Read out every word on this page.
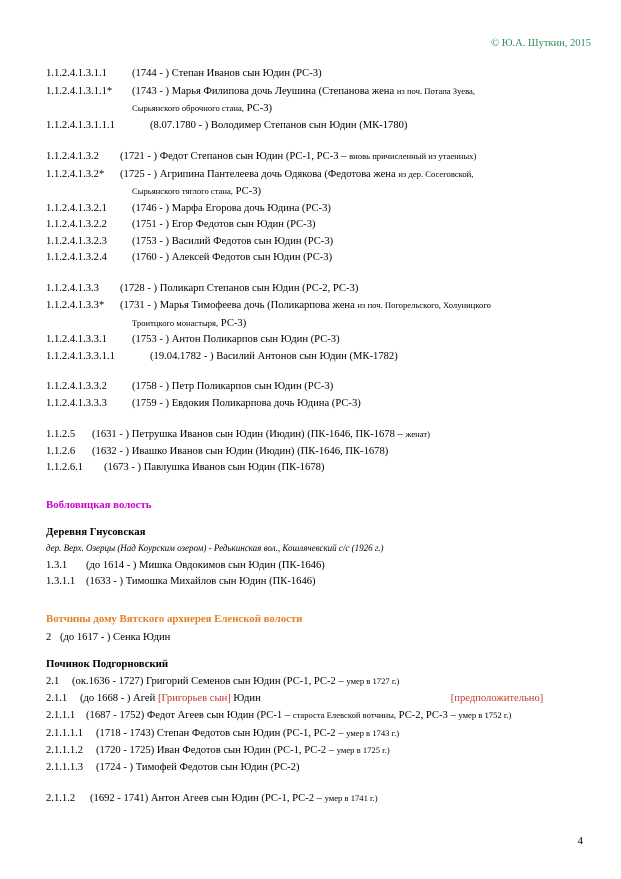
© Ю.А. Шуткин, 2015
1.1.2.4.1.3.1.1 (1744 - ) Степан Иванов сын Юдин (РС-3)
1.1.2.4.1.3.1.1* (1743 - ) Марья Филипова дочь Леушина (Степанова жена из поч. Потапа Зуева,
Сырьянского оброчного стана, РС-3)
1.1.2.4.1.3.1.1.1	(8.07.1780 - ) Володимер Степанов сын Юдин (МК-1780)
1.1.2.4.1.3.2 (1721 - ) Федот Степанов сын Юдин (РС-1, РС-3 – вновь причисленный из утаенных)
1.1.2.4.1.3.2* (1725 - ) Агрипина Пантелеева дочь Одякова (Федотова жена из дер. Сосеговской,
Сырьянского тяглого стана, РС-3)
1.1.2.4.1.3.2.1 (1746 - ) Марфа Егорова дочь Юдина (РС-3)
1.1.2.4.1.3.2.2 (1751 - ) Егор Федотов сын Юдин (РС-3)
1.1.2.4.1.3.2.3 (1753 - ) Василий Федотов сын Юдин (РС-3)
1.1.2.4.1.3.2.4 (1760 - ) Алексей Федотов сын Юдин (РС-3)
1.1.2.4.1.3.3 (1728 - ) Поликарп Степанов сын Юдин (РС-2, РС-3)
1.1.2.4.1.3.3* (1731 - ) Марья Тимофеева дочь (Поликарпова жена из поч. Погорельского, Холуницкого
Троитцкого монастыря, РС-3)
1.1.2.4.1.3.3.1 (1753 - ) Антон Поликарпов сын Юдин (РС-3)
1.1.2.4.1.3.3.1.1	(19.04.1782 - ) Василий Антонов сын Юдин (МК-1782)
1.1.2.4.1.3.3.2 (1758 - ) Петр Поликарпов сын Юдин (РС-3)
1.1.2.4.1.3.3.3 (1759 - ) Евдокия Поликарпова дочь Юдина (РС-3)
1.1.2.5 (1631 - ) Петрушка Иванов сын Юдин (Июдин) (ПК-1646, ПК-1678 – женат)
1.1.2.6 (1632 - ) Ивашко Иванов сын Юдин (Июдин) (ПК-1646, ПК-1678)
1.1.2.6.1 (1673 - ) Павлушка Иванов сын Юдин (ПК-1678)
Вобловицкая волость
Деревня Гнусовская
дер. Верх. Озерцы (Над Коурским озером) - Редькинская вол., Кошлячевский с/с (1926 г.)
1.3.1 (до 1614 - ) Мишка Овдокимов сын Юдин (ПК-1646)
1.3.1.1 (1633 - ) Тимошка Михайлов сын Юдин (ПК-1646)
Вотчины дому Вятского архиерея Еленской волости
2 (до 1617 - ) Сенка Юдин
Починок Подгорновский
2.1 (ок.1636 - 1727) Григорий Семенов сын Юдин (РС-1, РС-2 – умер в 1727 г.)
2.1.1 (до 1668 - ) Агей [Григорьев сын] Юдин	[предположительно]
2.1.1.1 (1687 - 1752) Федот Агеев сын Юдин (РС-1 – староста Елевской вотчины, РС-2, РС-3 – умер в 1752 г.)
2.1.1.1.1 (1718 - 1743) Степан Федотов сын Юдин (РС-1, РС-2 – умер в 1743 г.)
2.1.1.1.2 (1720 - 1725) Иван Федотов сын Юдин (РС-1, РС-2 – умер в 1725 г.)
2.1.1.1.3 (1724 - ) Тимофей Федотов сын Юдин (РС-2)
2.1.1.2 (1692 - 1741) Антон Агеев сын Юдин (РС-1, РС-2 – умер в 1741 г.)
4
